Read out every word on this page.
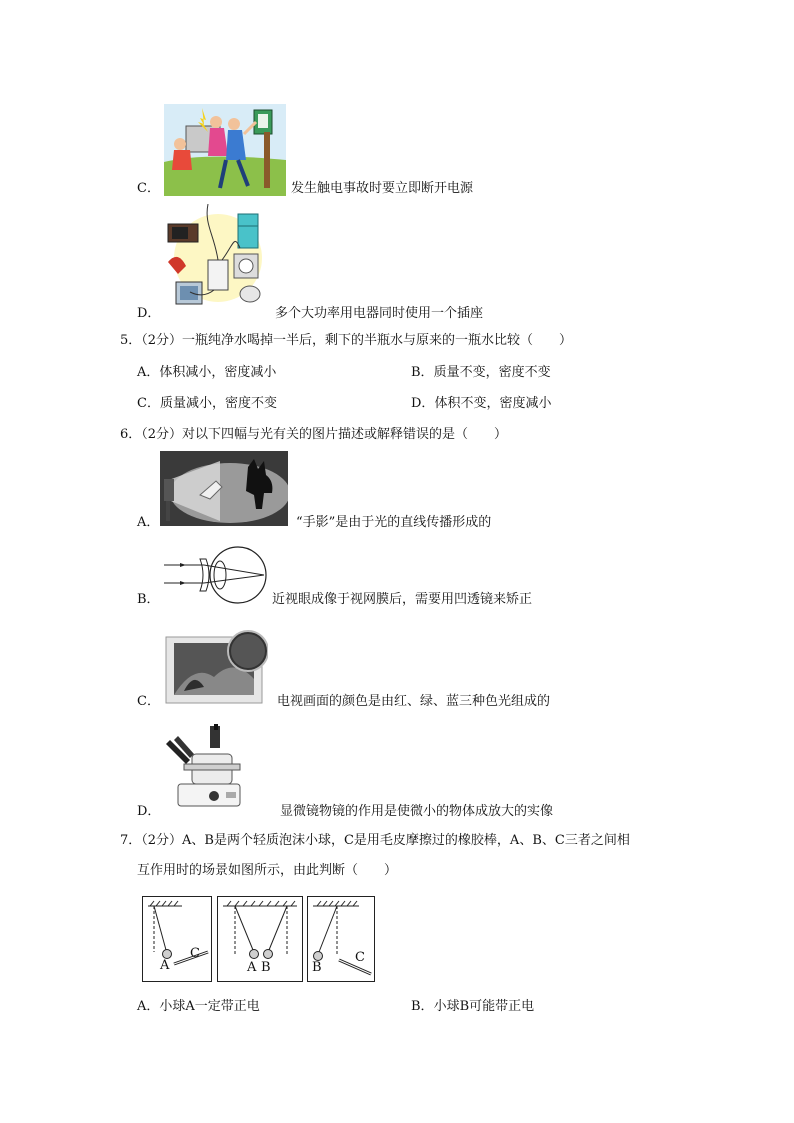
C．	发生触电事故时要立即断开电源
D．	多个大功率用电器同时使用一个插座
5．（2分）一瓶纯净水喝掉一半后，剩下的半瓶水与原来的一瓶水比较（　　）
A．体积减小，密度减小	B．质量不变，密度不变
C．质量减小，密度不变	D．体积不变，密度减小
6．（2分）对以下四幅与光有关的图片描述或解释错误的是（　　）
A．	“手影”是由于光的直线传播形成的
B．	近视眼成像于视网膜后，需要用凹透镜来矫正
C．	电视画面的颜色是由红、绿、蓝三种色光组成的
D．	显微镜物镜的作用是使微小的物体成放大的实像
7．（2分）A、B是两个轻质泡沫小球，C是用毛皮摩擦过的橡胶棒，A、B、C三者之间相
互作用时的场景如图所示，由此判断（　　）
A
C
A B	B
C
A．小球A一定带正电	B．小球B可能带正电
